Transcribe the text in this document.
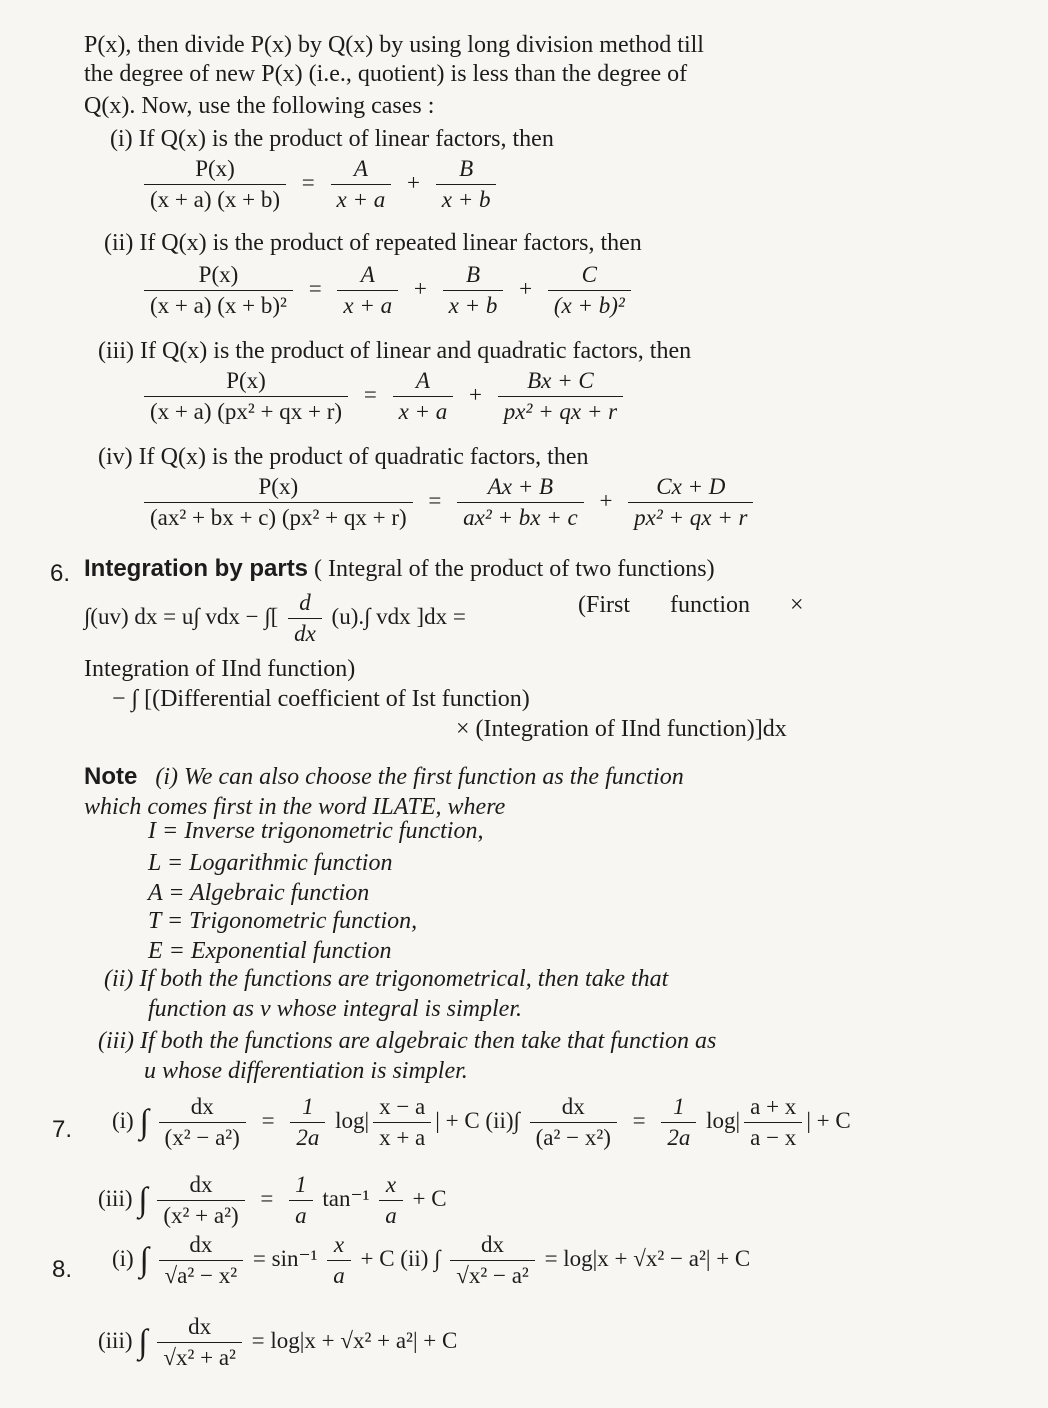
P(x), then divide P(x) by Q(x) by using long division method till
the degree of new P(x) (i.e., quotient) is less than the degree of
Q(x). Now, use the following cases :
(i) If Q(x) is the product of linear factors, then
$\frac{P(x)}{(x + a) (x + b)} = \frac{A}{x + a} + \frac{B}{x + b}$
(ii) If Q(x) is the product of repeated linear factors, then
$\frac{P(x)}{\text{(x + a) (x + b)²}} = \frac{A}{x + a} + \frac{B}{x + b} + \frac{C}{\text{(x + b)²}}$
(iii) If Q(x) is the product of linear and quadratic factors, then
$\frac{P(x)}{\text{(x + a) (px² + qx + r)}} = \frac{A}{x + a} + \frac{Bx + C}{\text{px² + qx + r}}$
(iv) If Q(x) is the product of quadratic factors, then
$\frac{P(x)}{\text{(ax² + bx + c) (px² + qx + r)}} = \frac{Ax + B}{\text{ax² + bx + c}} + \frac{Cx + D}{\text{px² + qx + r}}$
6. Integration by parts ( Integral of the product of two functions)
∫(uv) dx = u∫ vdx − ∫[ $\frac{d}{dx} (u).\int$ vdx ]dx =	(First function ×
Integration of IInd function)
− ∫ [(Differential coefficient of Ist function)
× (Integration of IInd function)]dx
Note (i) We can also choose the first function as the function
which comes first in the word ILATE, where
I = Inverse trigonometric function,
L = Logarithmic function
A = Algebraic function
T = Trigonometric function,
E = Exponential function
(ii) If both the functions are trigonometrical, then take that
function as v whose integral is simpler.
(iii) If both the functions are algebraic then take that function as
u whose differentiation is simpler.
7. (i) ∫ $\frac{dx}{\text{(x² − a²)}} = \frac{1}{2a} \log| \frac{x - a}{x + a}$ | + C $(ii)\int \frac{dx}{\text{(a² − x²)}} = \frac{1}{2a} \log| \frac{a + x}{a - x}$ | + C
(iii) ∫ $\frac{dx}{\text{(x² + a²)}} = \frac{1}{a} \tan^{-1} \frac{x}{a} + C$
8. (i) ∫ $\frac{dx}{\text{√a² − x²}} = \sin^{-1} \frac{x}{a} + C$ (ii) ∫ $\frac{dx}{\text{√x² − a²}} = \log|x + √x^2 - a^2| + C$
(iii) ∫ $\frac{dx}{\text{√x² + a²}} = \log|x + √x^2 + a^2| + C$
